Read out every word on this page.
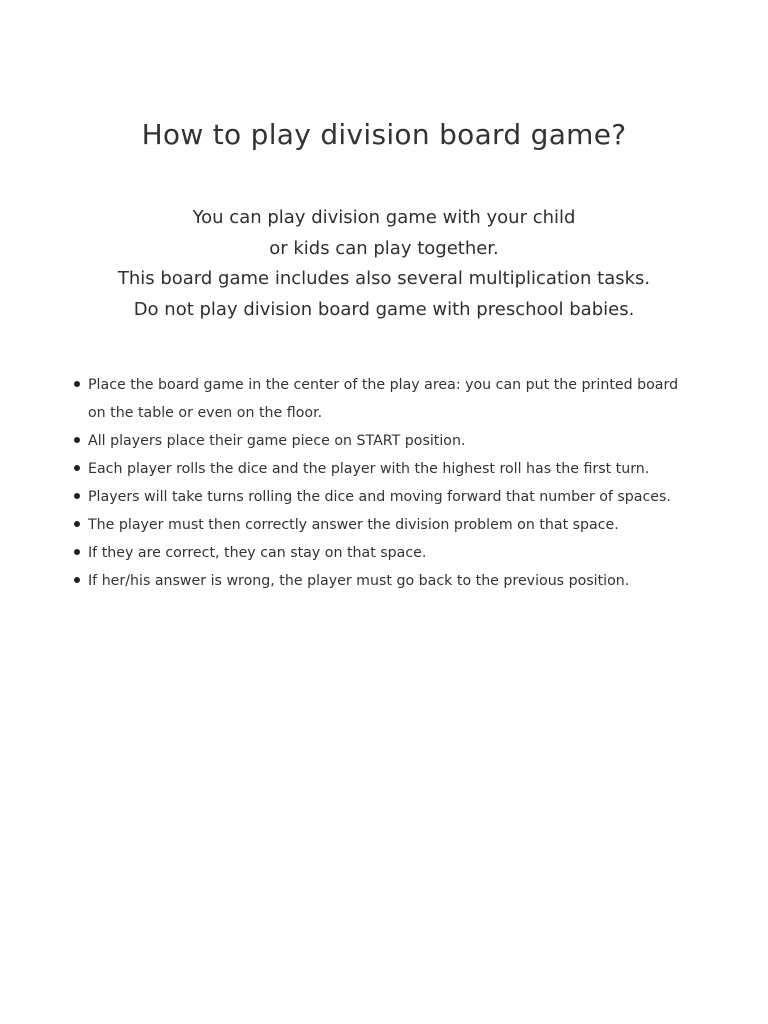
How to play division board game?
You can play division game with your child
or kids can play together.
This board game includes also several multiplication tasks.
Do not play division board game with preschool babies.
Place the board game in the center of the play area: you can put the printed board on the table or even on the floor.
All players place their game piece on START position.
Each player rolls the dice and the player with the highest roll has the first turn.
Players will take turns rolling the dice and moving forward that number of spaces.
The player must then correctly answer the division problem on that space.
If they are correct, they can stay on that space.
If her/his answer is wrong, the player must go back to the previous position.
